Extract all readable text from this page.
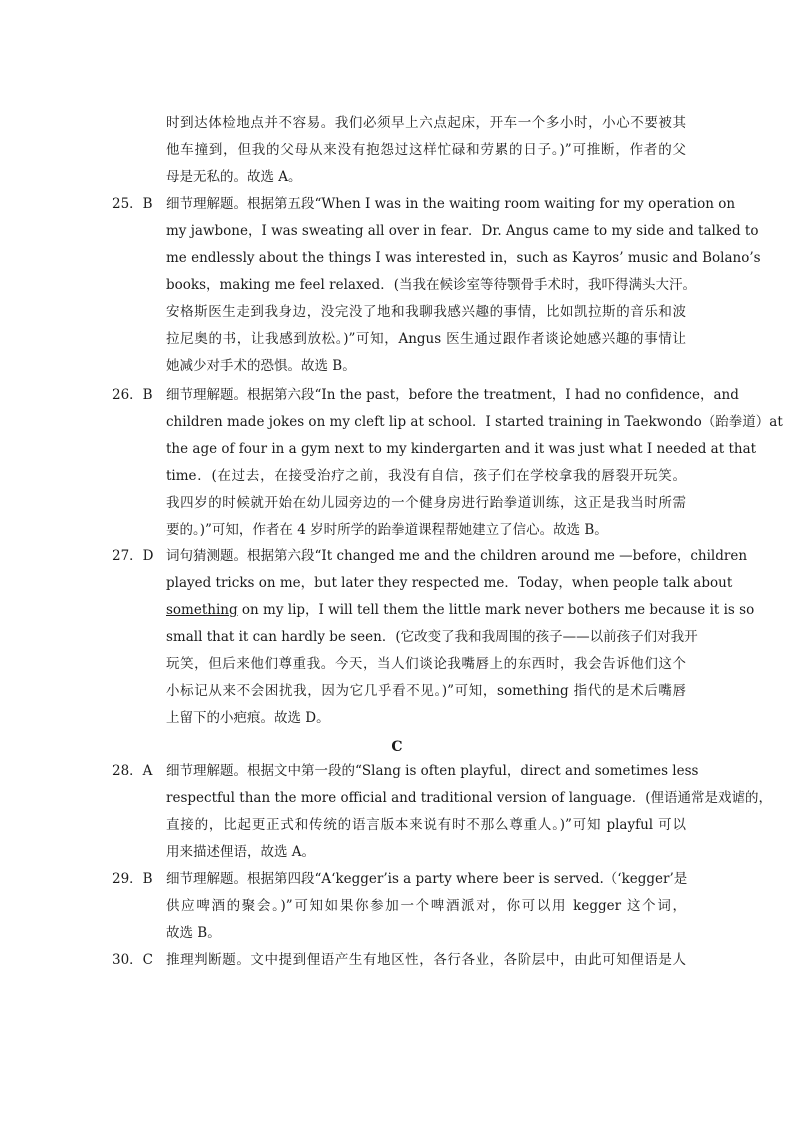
时到达体检地点并不容易。我们必须早上六点起床，开车一个多小时，小心不要被其
他车撞到，但我的父母从来没有抱怨过这样忙碌和劳累的日子。)”可推断，作者的父
母是无私的。故选 A。
25．B 细节理解题。根据第五段“When I was in the waiting room waiting for my operation on
my jawbone，I was sweating all over in fear．Dr. Angus came to my side and talked to
me endlessly about the things I was interested in，such as Kayros’ music and Bolano’s
books，making me feel relaxed．(当我在候诊室等待颚骨手术时，我吓得满头大汗。
安格斯医生走到我身边，没完没了地和我聊我感兴趣的事情，比如凯拉斯的音乐和波
拉尼奥的书，让我感到放松。)”可知，Angus 医生通过跟作者谈论她感兴趣的事情让
她减少对手术的恐惧。故选 B。
26．B 细节理解题。根据第六段“In the past，before the treatment，I had no confidence，and
children made jokes on my cleft lip at school．I started training in Taekwondo（跆拳道）at
the age of four in a gym next to my kindergarten and it was just what I needed at that
time．(在过去，在接受治疗之前，我没有自信，孩子们在学校拿我的唇裂开玩笑。
我四岁的时候就开始在幼儿园旁边的一个健身房进行跆拳道训练，这正是我当时所需
要的。)”可知，作者在 4 岁时所学的跆拳道课程帮她建立了信心。故选 B。
27．D 词句猜测题。根据第六段“It changed me and the children around me —before，children
played tricks on me，but later they respected me．Today，when people talk about
something on my lip，I will tell them the little mark never bothers me because it is so
small that it can hardly be seen．(它改变了我和我周围的孩子——以前孩子们对我开
玩笑，但后来他们尊重我。今天，当人们谈论我嘴唇上的东西时，我会告诉他们这个
小标记从来不会困扰我，因为它几乎看不见。)”可知，something 指代的是术后嘴唇
上留下的小疤痕。故选 D。
C
28．A	细节理解题。根据文中第一段的“Slang is often playful，direct and sometimes less
respectful than the more official and traditional version of language．(俚语通常是戏谑的，
直接的，比起更正式和传统的语言版本来说有时不那么尊重人。)”可知 playful 可以
用来描述俚语，故选 A。
29．B 细节理解题。根据第四段“A‘kegger’is a party where beer is served.（‘kegger’是
供应啤酒的聚会。)”可知如果你参加一个啤酒派对，你可以用 kegger 这个词，
故选 B。
30．C 推理判断题。文中提到俚语产生有地区性，各行各业，各阶层中，由此可知俚语是人
